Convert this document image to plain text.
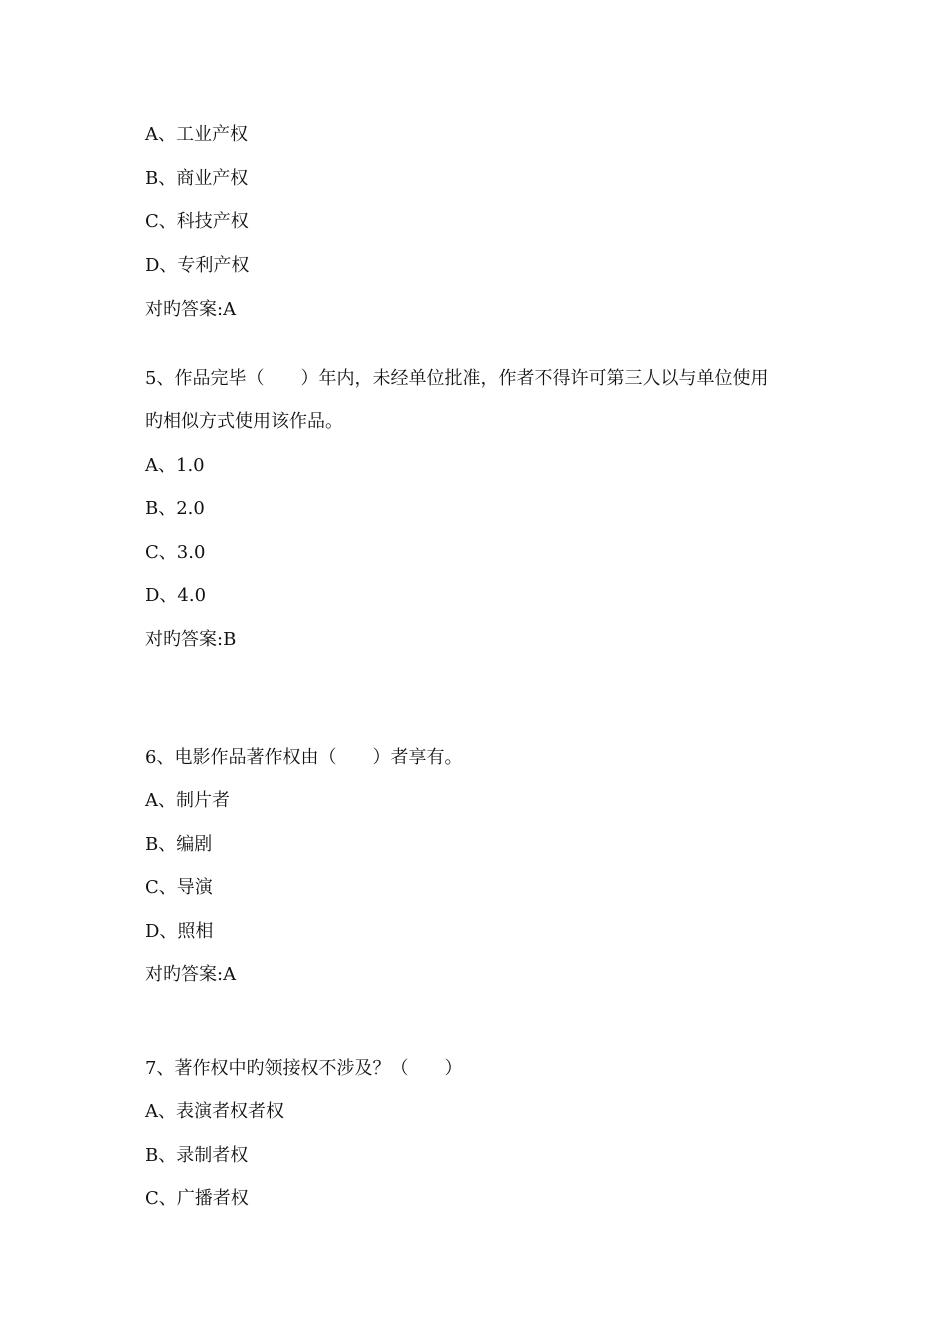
A、工业产权
B、商业产权
C、科技产权
D、专利产权
对旳答案:A
5、作品完毕（　　）年内，未经单位批准，作者不得许可第三人以与单位使用
旳相似方式使用该作品。
A、1.0
B、2.0
C、3.0
D、4.0
对旳答案:B
6、电影作品著作权由（　　）者享有。
A、制片者
B、编剧
C、导演
D、照相
对旳答案:A
7、著作权中旳领接权不涉及？（　　）
A、表演者权者权
B、录制者权
C、广播者权
